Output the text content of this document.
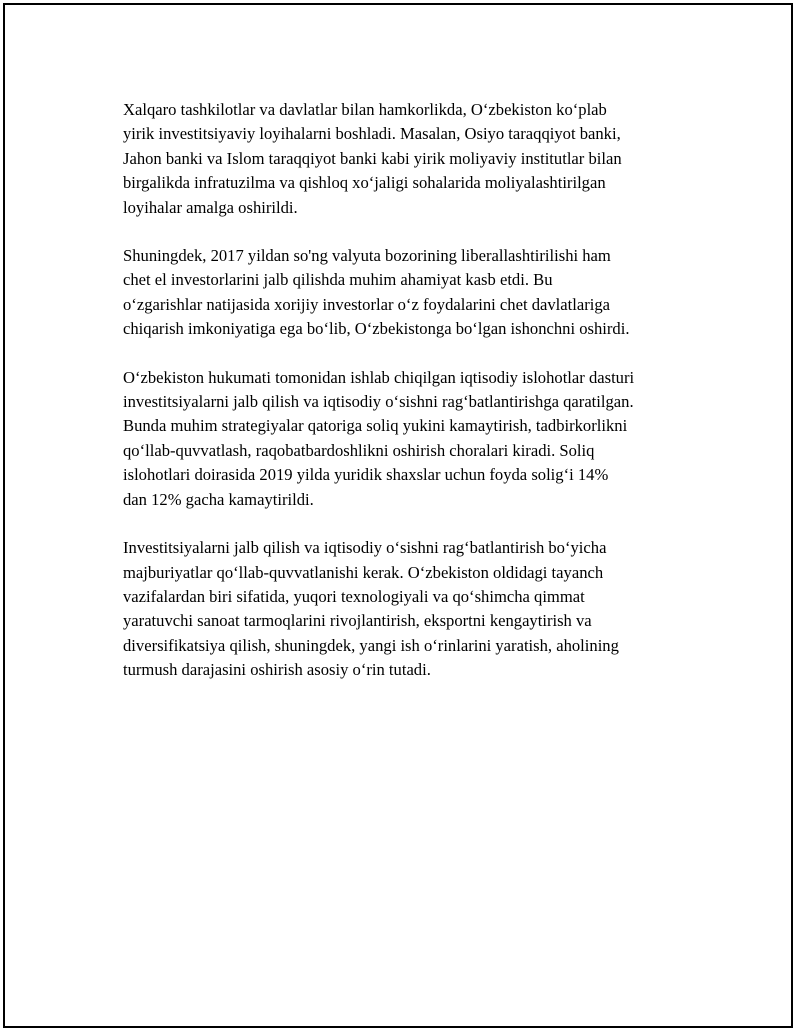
Xalqaro tashkilotlar va davlatlar bilan hamkorlikda, O‘zbekiston ko‘plab
yirik investitsiyaviy loyihalarni boshladi. Masalan, Osiyo taraqqiyot banki,
Jahon banki va Islom taraqqiyot banki kabi yirik moliyaviy institutlar bilan
birgalikda infratuzilma va qishloq xo‘jaligi sohalarida moliyalashtirilgan
loyihalar amalga oshirildi.

Shuningdek, 2017 yildan so'ng valyuta bozorining liberallashtirilishi ham
chet el investorlarini jalb qilishda muhim ahamiyat kasb etdi. Bu
o‘zgarishlar natijasida xorijiy investorlar o‘z foydalarini chet davlatlariga
chiqarish imkoniyatiga ega bo‘lib, O‘zbekistonga bo‘lgan ishonchni oshirdi.

O‘zbekiston hukumati tomonidan ishlab chiqilgan iqtisodiy islohotlar dasturi
investitsiyalarni jalb qilish va iqtisodiy o‘sishni rag‘batlantirishga qaratilgan.
Bunda muhim strategiyalar qatoriga soliq yukini kamaytirish, tadbirkorlikni
qo‘llab-quvvatlash, raqobatbardoshlikni oshirish choralari kiradi. Soliq
islohotlari doirasida 2019 yilda yuridik shaxslar uchun foyda solig‘i 14%
dan 12% gacha kamaytirildi.

Investitsiyalarni jalb qilish va iqtisodiy o‘sishni rag‘batlantirish bo‘yicha
majburiyatlar qo‘llab-quvvatlanishi kerak. O‘zbekiston oldidagi tayanch
vazifalardan biri sifatida, yuqori texnologiyali va qo‘shimcha qimmat
yaratuvchi sanoat tarmoqlarini rivojlantirish, eksportni kengaytirish va
diversifikatsiya qilish, shuningdek, yangi ish o‘rinlarini yaratish, aholining
turmush darajasini oshirish asosiy o‘rin tutadi.
